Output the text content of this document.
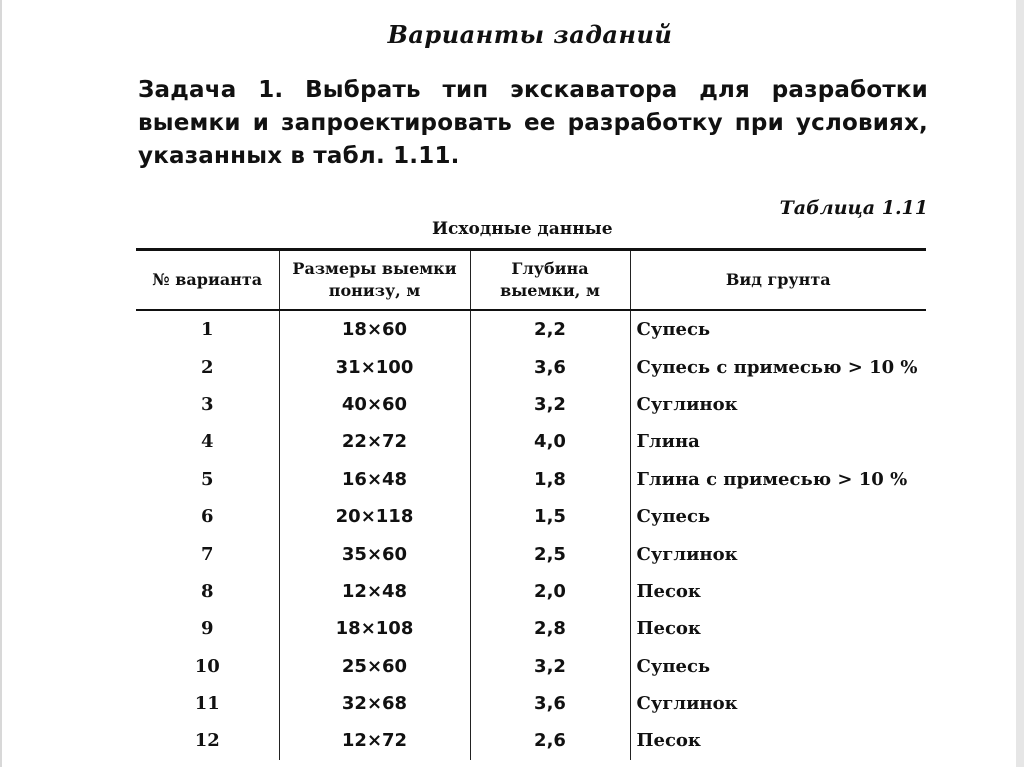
Варианты заданий

Задача 1. Выбрать тип экскаватора для разработки выемки и запроектировать ее разработку при условиях, указанных в табл. 1.11.

Таблица 1.11
Исходные данные
№ варианта	Размеры выемки понизу, м	Глубина выемки, м	Вид грунта
1	18×60	2,2	Супесь
2	31×100	3,6	Супесь с примесью > 10 %
3	40×60	3,2	Суглинок
4	22×72	4,0	Глина
5	16×48	1,8	Глина с примесью > 10 %
6	20×118	1,5	Супесь
7	35×60	2,5	Суглинок
8	12×48	2,0	Песок
9	18×108	2,8	Песок
10	25×60	3,2	Супесь
11	32×68	3,6	Суглинок
12	12×72	2,6	Песок
